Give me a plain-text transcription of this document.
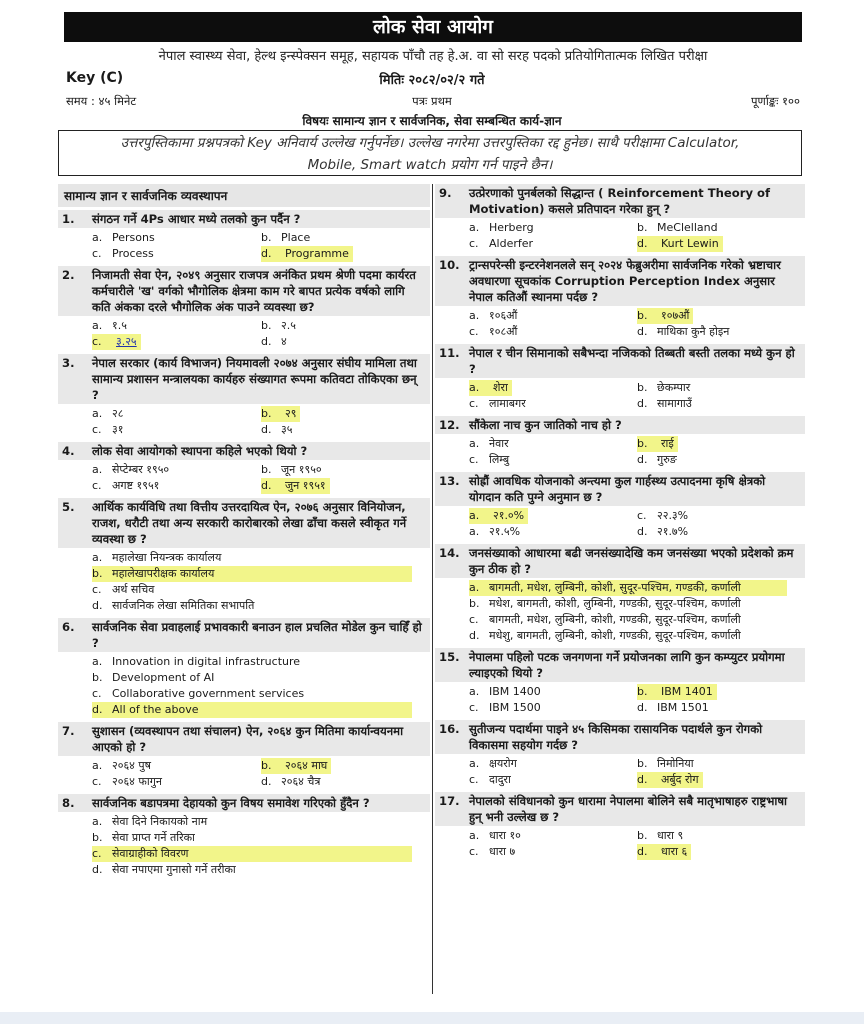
लोक सेवा आयोग
नेपाल स्वास्थ्य सेवा, हेल्थ इन्स्पेक्सन समूह, सहायक पाँचौ तह हे.अ. वा सो सरह पदको प्रतियोगितात्मक लिखित परीक्षा
Key (C)	मितिः २०८२/०२/२ गते
समय : ४५ मिनेट	पत्रः प्रथम	पूर्णाङ्कः १००
विषयः सामान्य ज्ञान र सार्वजनिक, सेवा सम्बन्धित कार्य-ज्ञान
उत्तरपुस्तिकामा प्रश्नपत्रको Key अनिवार्य उल्लेख गर्नुपर्नेछ। उल्लेख नगरेमा उत्तरपुस्तिका रद्द हुनेछ। साथै परीक्षामा Calculator,
Mobile, Smart watch प्रयोग गर्न पाइने छैन।
सामान्य ज्ञान र सार्वजनिक व्यवस्थापन
1.	संगठन गर्ने 4Ps आधार मध्ये तलको कुन पर्दैन ?
a. Persons	b. Place
c. Process	d.	Programme
2.	निजामती सेवा ऐन, २०४९ अनुसार राजपत्र अनंकित प्रथम श्रेणी पदमा कार्यरत कर्मचारीले 'ख' वर्गको भौगोलिक क्षेत्रमा काम गरे बापत प्रत्येक वर्षको लागि कति अंकका दरले भौगोलिक अंक पाउने व्यवस्था छ?
a. १.५	b. २.५
c.	३.२५	d. ४
3.	नेपाल सरकार (कार्य विभाजन) नियमावली २०७४ अनुसार संघीय मामिला तथा सामान्य प्रशासन मन्त्रालयका कार्यहरु संख्यागत रूपमा कतिवटा तोकिएका छन् ?
a. २८	b.	२९
c. ३१	d. ३५
4.	लोक सेवा आयोगको स्थापना कहिले भएको थियो ?
a. सेप्टेम्बर १९५०	b. जून १९५०
c. अगष्ट १९५१	d.	जुन १९५१
5.	आर्थिक कार्यविधि तथा वित्तीय उत्तरदायित्व ऐन, २०७६ अनुसार विनियोजन, राजश, धरौटी तथा अन्य सरकारी कारोबारको लेखा ढाँचा कसले स्वीकृत गर्ने व्यवस्था छ ?
a. महालेखा नियन्त्रक कार्यालय
b. महालेखापरीक्षक कार्यालय
c. अर्थ सचिव
d. सार्वजनिक लेखा समितिका सभापति
6.	सार्वजनिक सेवा प्रवाहलाई प्रभावकारी बनाउन हाल प्रचलित मोडेल कुन चाहिँ हो ?
a. Innovation in digital infrastructure
b. Development of AI
c. Collaborative government services
d. All of the above
7.	सुशासन (व्यवस्थापन तथा संचालन) ऐन, २०६४ कुन मितिमा कार्यान्वयनमा आएको हो ?
a. २०६४ पुष	b.	२०६४ माघ
c. २०६४ फागुन	d. २०६४ चैत्र
8.	सार्वजनिक बडापत्रमा देहायको कुन विषय समावेश गरिएको हुँदैन ?
a. सेवा दिने निकायको नाम
b. सेवा प्राप्त गर्ने तरिका
c. सेवाग्राहीको विवरण
d. सेवा नपाएमा गुनासो गर्ने तरीका
9.	उत्प्रेरणाको पुनर्बलको सिद्धान्त ( Reinforcement Theory of Motivation) कसले प्रतिपादन गरेका हुन् ?
a. Herberg	b. MeClelland
c. Alderfer	d.	Kurt Lewin
10. ट्रान्सपरेन्सी इन्टरनेशनलले सन् २०२४ फेब्रुअरीमा सार्वजनिक गरेको भ्रष्टाचार अवधारणा सूचकांक Corruption Perception Index अनुसार नेपाल कतिऔं स्थानमा पर्दछ ?
a. १०६औं	b.	१०७औं
c. १०८औं	d. माथिका कुनै होइन
11. नेपाल र चीन सिमानाको सबैभन्दा नजिकको तिब्बती बस्ती तलका मध्ये कुन हो ?
a.	शेरा	b. छेकम्पार
c. लामाबगर	d. सामागाउँ
12. सौंकेला नाच कुन जातिको नाच हो ?
a. नेवार	b.	राई
c. लिम्बु	d. गुरुङ
13. सोह्रौं आवधिक योजनाको अन्त्यमा कुल गार्हस्थ्य उत्पादनमा कृषि क्षेत्रको योगदान कति पुग्ने अनुमान छ ?
a.	२१.०%	c. २२.३%
a. २१.५%	d. २१.७%
14. जनसंख्याको आधारमा बढी जनसंख्यादेखि कम जनसंख्या भएको प्रदेशको क्रम कुन ठीक हो ?
a. बागमती, मधेश, लुम्बिनी, कोशी, सुदूर-पश्चिम, गण्डकी, कर्णाली
b. मधेश, बागमती, कोशी, लुम्बिनी, गण्डकी, सुदूर-पश्चिम, कर्णाली
c. बागमती, मधेश, लुम्बिनी, कोशी, गण्डकी, सुदूर-पश्चिम, कर्णाली
d. मधेशु, बागमती, लुम्बिनी, कोशी, गण्डकी, सुदूर-पश्चिम, कर्णाली
15. नेपालमा पहिलो पटक जनगणना गर्ने प्रयोजनका लागि कुन कम्प्युटर प्रयोगमा ल्याइएको थियो ?
a. IBM 1400	b.	IBM 1401
c. IBM 1500	d. IBM 1501
16. सुतीजन्य पदार्थमा पाइने ४५ किसिमका रासायनिक पदार्थले कुन रोगको विकासमा सहयोग गर्दछ ?
a. क्षयरोग	b. निमोनिया
c. दादुरा	d.	अर्बुद रोग
17. नेपालको संविधानको कुन धारामा नेपालमा बोलिने सबै मातृभाषाहरु राष्ट्रभाषा हुन् भनी उल्लेख छ ?
a. धारा १०	b. धारा ९
c. धारा ७	d.	धारा ६
